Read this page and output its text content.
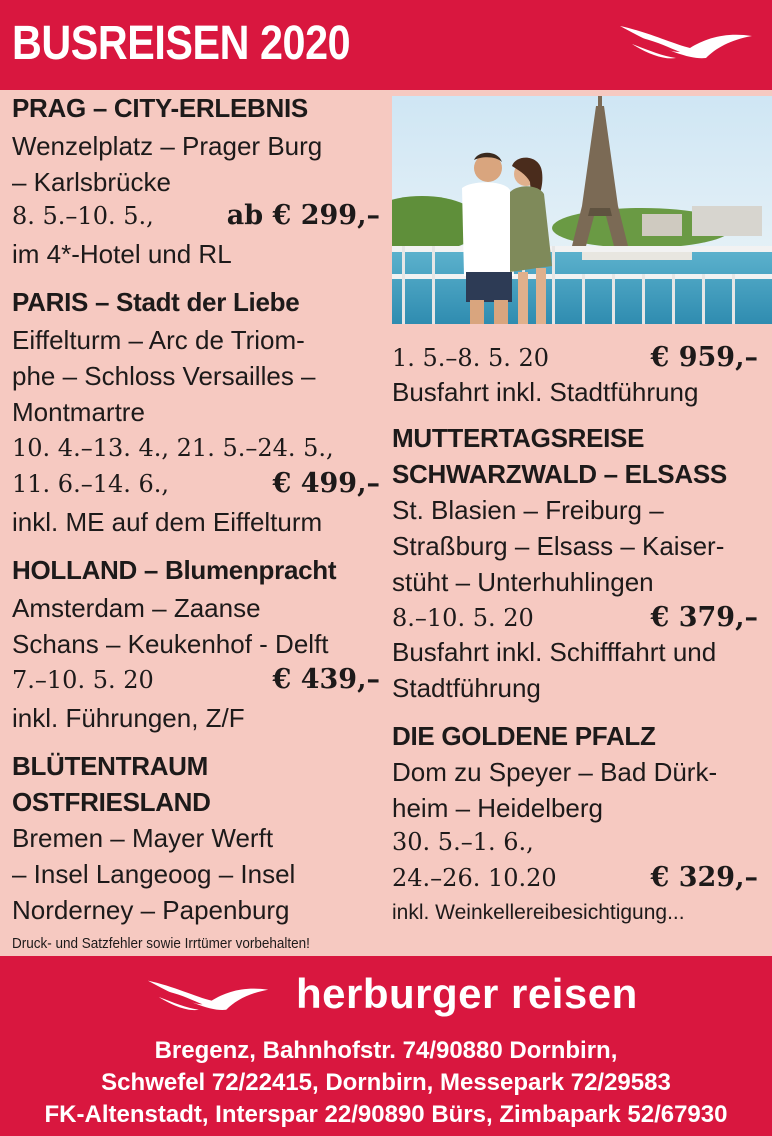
BUSREISEN 2020
PRAG – CITY-ERLEBNIS
Wenzelplatz – Prager Burg
– Karlsbrücke
8. 5.–10. 5.,	ab € 299,–
im 4*-Hotel und RL
PARIS – Stadt der Liebe
Eiffelturm – Arc de Triom-
phe – Schloss Versailles –
Montmartre
10. 4.–13. 4., 21. 5.–24. 5.,
11. 6.–14. 6.,	€ 499,–
inkl. ME auf dem Eiffelturm
HOLLAND – Blumenpracht
Amsterdam – Zaanse
Schans – Keukenhof - Delft
7.–10. 5. 20	€ 439,–
inkl. Führungen, Z/F
BLÜTENTRAUM
OSTFRIESLAND
Bremen – Mayer Werft
– Insel Langeoog – Insel
Norderney – Papenburg
1. 5.–8. 5. 20	€ 959,–
Busfahrt inkl. Stadtführung
MUTTERTAGSREISE
SCHWARZWALD – ELSASS
St. Blasien – Freiburg –
Straßburg – Elsass – Kaiser-
stüht – Unterhuhlingen
8.–10. 5. 20	€ 379,–
Busfahrt inkl. Schifffahrt und
Stadtführung
DIE GOLDENE PFALZ
Dom zu Speyer – Bad Dürk-
heim – Heidelberg
30. 5.–1. 6.,
24.–26. 10.20	€ 329,–
inkl. Weinkellereibesichtigung...
Druck- und Satzfehler sowie Irrtümer vorbehalten!
herburger reisen
Bregenz, Bahnhofstr. 74/90880 Dornbirn,
Schwefel 72/22415, Dornbirn, Messepark 72/29583
FK-Altenstadt, Interspar 22/90890 Bürs, Zimbapark 52/67930
